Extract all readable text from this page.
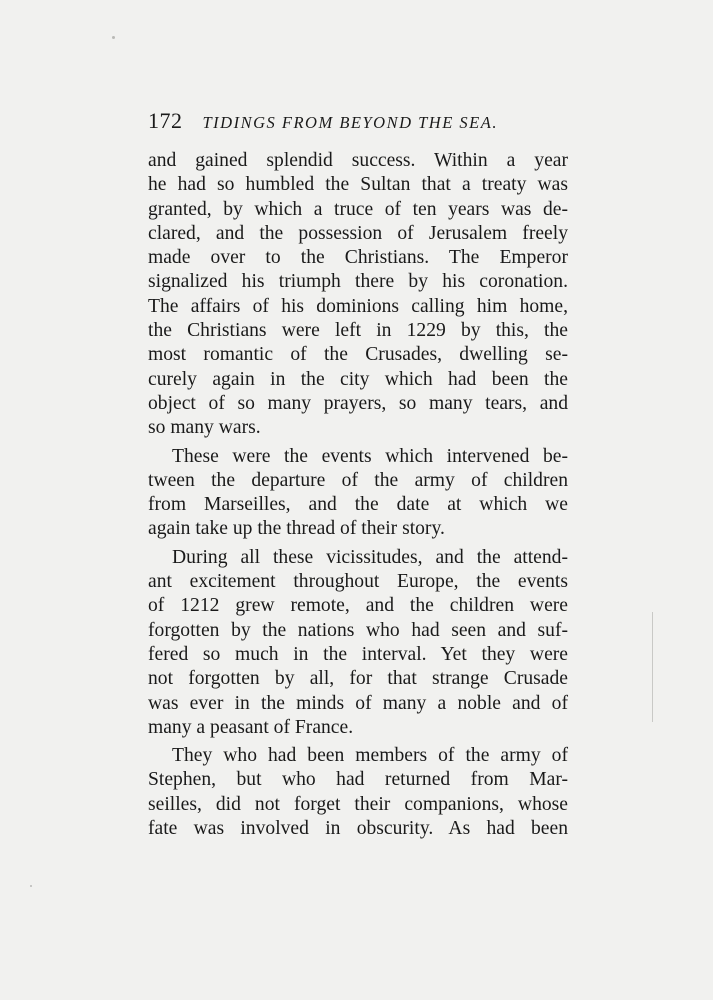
172 TIDINGS FROM BEYOND THE SEA.
and gained splendid success. Within a year
he had so humbled the Sultan that a treaty was
granted, by which a truce of ten years was de-
clared, and the possession of Jerusalem freely
made over to the Christians. The Emperor
signalized his triumph there by his coronation.
The affairs of his dominions calling him home,
the Christians were left in 1229 by this, the
most romantic of the Crusades, dwelling se-
curely again in the city which had been the
object of so many prayers, so many tears, and
so many wars.
These were the events which intervened be-
tween the departure of the army of children
from Marseilles, and the date at which we
again take up the thread of their story.
During all these vicissitudes, and the attend-
ant excitement throughout Europe, the events
of 1212 grew remote, and the children were
forgotten by the nations who had seen and suf-
fered so much in the interval. Yet they were
not forgotten by all, for that strange Crusade
was ever in the minds of many a noble and of
many a peasant of France.
They who had been members of the army of
Stephen, but who had returned from Mar-
seilles, did not forget their companions, whose
fate was involved in obscurity. As had been
